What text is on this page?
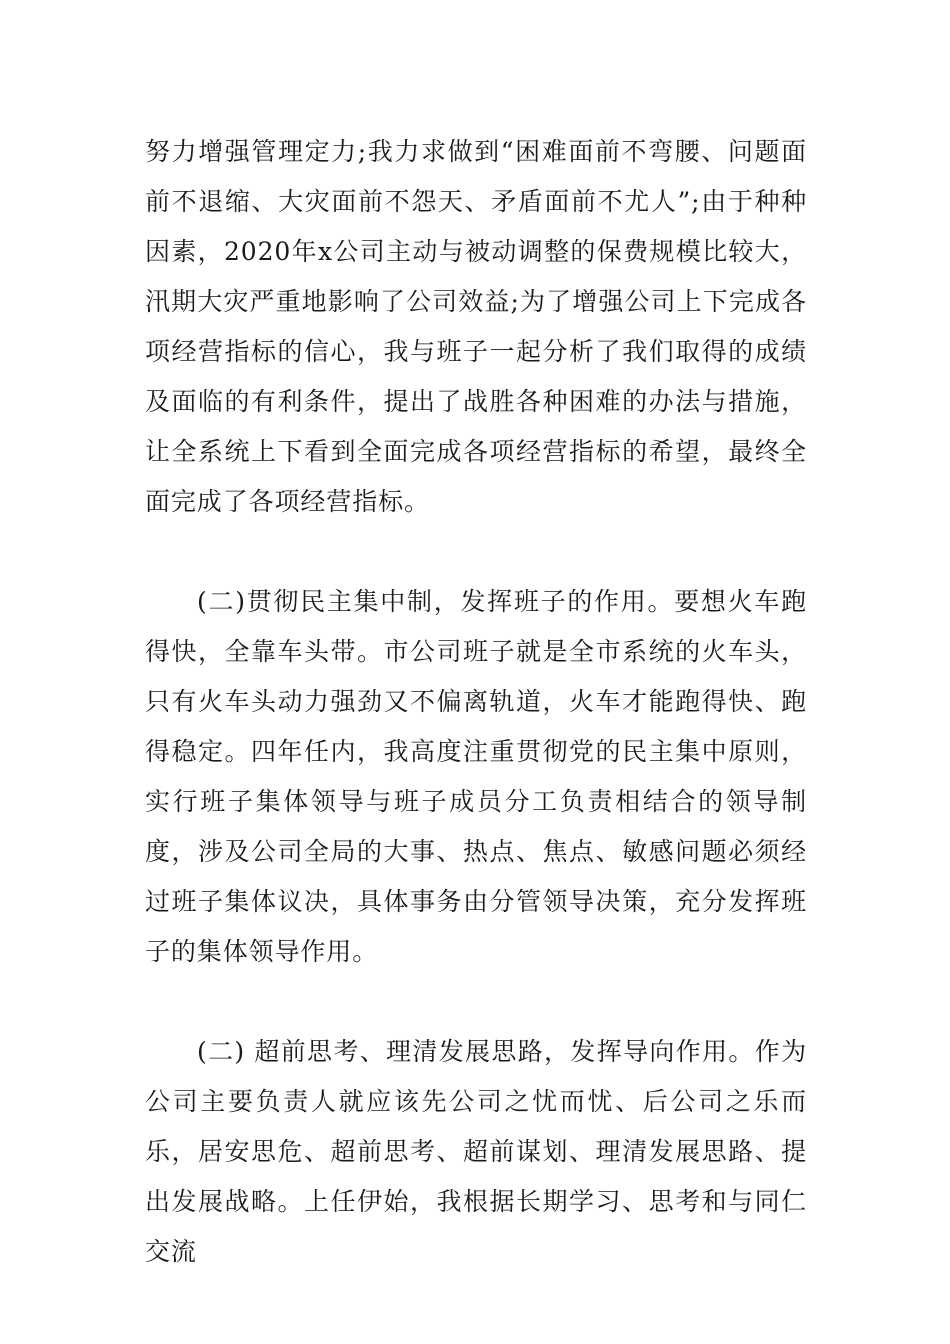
努力增强管理定力;我力求做到“困难面前不弯腰、问题面前不退缩、大灾面前不怨天、矛盾面前不尤人”;由于种种因素，2020年x公司主动与被动调整的保费规模比较大，汛期大灾严重地影响了公司效益;为了增强公司上下完成各项经营指标的信心，我与班子一起分析了我们取得的成绩及面临的有利条件，提出了战胜各种困难的办法与措施，让全系统上下看到全面完成各项经营指标的希望，最终全面完成了各项经营指标。

(二)贯彻民主集中制，发挥班子的作用。要想火车跑得快，全靠车头带。市公司班子就是全市系统的火车头，只有火车头动力强劲又不偏离轨道，火车才能跑得快、跑得稳定。四年任内，我高度注重贯彻党的民主集中原则，实行班子集体领导与班子成员分工负责相结合的领导制度，涉及公司全局的大事、热点、焦点、敏感问题必须经过班子集体议决，具体事务由分管领导决策，充分发挥班子的集体领导作用。

(二) 超前思考、理清发展思路，发挥导向作用。作为公司主要负责人就应该先公司之忧而忧、后公司之乐而乐，居安思危、超前思考、超前谋划、理清发展思路、提出发展战略。上任伊始，我根据长期学习、思考和与同仁交流
